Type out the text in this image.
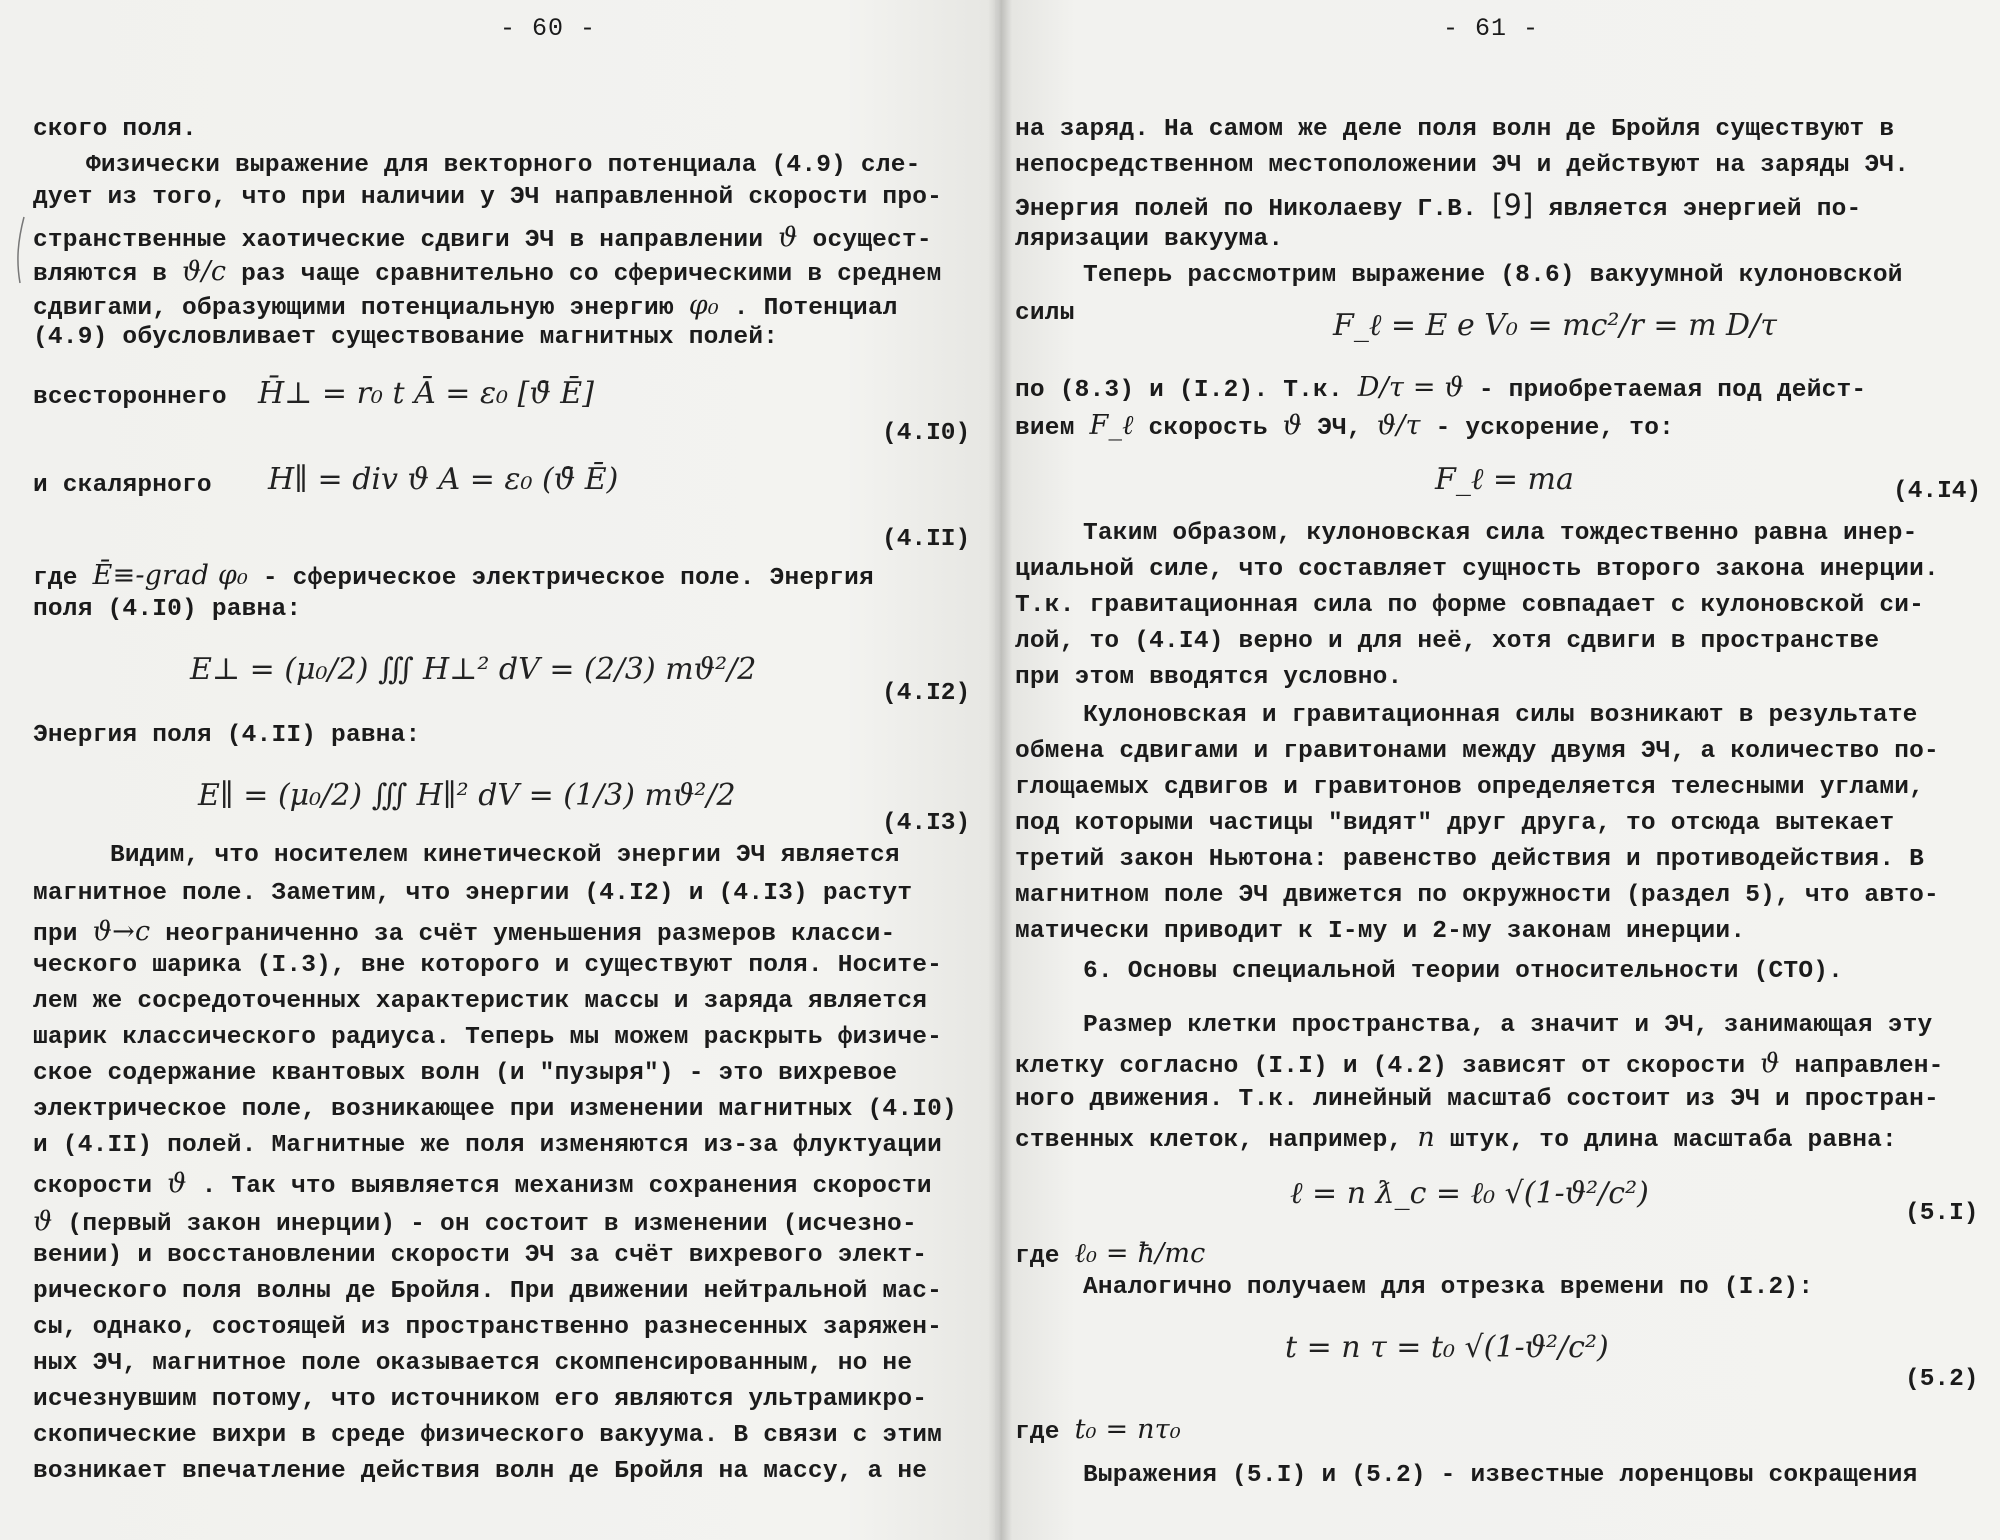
- 60 -
ского поля.
Физически выражение для векторного потенциала (4.9) сле-
дует из того, что при наличии у ЭЧ направленной скорости про-
странственные хаотические сдвиги ЭЧ в направлении ϑ осущест-
вляются в ϑ/c раз чаще сравнительно со сферическими в среднем
сдвигами, образующими потенциальную энергию φ₀ . Потенциал
(4.9) обусловливает существование магнитных полей:
всестороннего H̄⊥ = r₀ t Ā = ε₀ [ϑ̄ Ē]
(4.I0)
и скалярного H∥ = div ϑ A = ε₀ (ϑ̄ Ē)
(4.II)
где Ē≡-grad φ₀ - сферическое электрическое поле. Энергия
поля (4.I0) равна:
E⊥ = (μ₀/2) ∭ H⊥² dV = (2/3) mϑ²/2
(4.I2)
Энергия поля (4.II) равна:
E∥ = (μ₀/2) ∭ H∥² dV = (1/3) mϑ²/2
(4.I3)
Видим, что носителем кинетической энергии ЭЧ является
магнитное поле. Заметим, что энергии (4.I2) и (4.I3) растут
при ϑ→c неограниченно за счёт уменьшения размеров класси-
ческого шарика (I.3), вне которого и существуют поля. Носите-
лем же сосредоточенных характеристик массы и заряда является
шарик классического радиуса. Теперь мы можем раскрыть физиче-
ское содержание квантовых волн (и "пузыря") - это вихревое
электрическое поле, возникающее при изменении магнитных (4.I0)
и (4.II) полей. Магнитные же поля изменяются из-за флуктуации
скорости ϑ . Так что выявляется механизм сохранения скорости
ϑ (первый закон инерции) - он состоит в изменении (исчезно-
вении) и восстановлении скорости ЭЧ за счёт вихревого элект-
рического поля волны де Бройля. При движении нейтральной мас-
сы, однако, состоящей из пространственно разнесенных заряжен-
ных ЭЧ, магнитное поле оказывается скомпенсированным, но не
исчезнувшим потому, что источником его являются ультрамикро-
скопические вихри в среде физического вакуума. В связи с этим
возникает впечатление действия волн де Бройля на массу, а не
- 61 -
на заряд. На самом же деле поля волн де Бройля существуют в
непосредственном местоположении ЭЧ и действуют на заряды ЭЧ.
Энергия полей по Николаеву Г.В. [9] является энергией по-
ляризации вакуума.
Теперь рассмотрим выражение (8.6) вакуумной кулоновской
силы	F_ℓ = E e V₀ = mc²/r = m D/τ
по (8.3) и (I.2). Т.к. D/τ = ϑ - приобретаемая под дейст-
вием F_ℓ скорость ϑ ЭЧ, ϑ/τ - ускорение, то:
F_ℓ = ma	(4.I4)
Таким образом, кулоновская сила тождественно равна инер-
циальной силе, что составляет сущность второго закона инерции.
Т.к. гравитационная сила по форме совпадает с кулоновской си-
лой, то (4.I4) верно и для неё, хотя сдвиги в пространстве
при этом вводятся условно.
Кулоновская и гравитационная силы возникают в результате
обмена сдвигами и гравитонами между двумя ЭЧ, а количество по-
глощаемых сдвигов и гравитонов определяется телесными углами,
под которыми частицы "видят" друг друга, то отсюда вытекает
третий закон Ньютона: равенство действия и противодействия. В
магнитном поле ЭЧ движется по окружности (раздел 5), что авто-
матически приводит к I-му и 2-му законам инерции.
6. Основы специальной теории относительности (СТО).
Размер клетки пространства, а значит и ЭЧ, занимающая эту
клетку согласно (I.I) и (4.2) зависят от скорости ϑ направлен-
ного движения. Т.к. линейный масштаб состоит из ЭЧ и простран-
ственных клеток, например, n штук, то длина масштаба равна:
ℓ = n ƛ_c = ℓ₀ √(1-ϑ²/c²)
(5.I)
где ℓ₀ = ħ/mc
Аналогично получаем для отрезка времени по (I.2):
t = n τ = t₀ √(1-ϑ²/c²)
(5.2)
где t₀ = nτ₀
Выражения (5.I) и (5.2) - известные лоренцовы сокращения
